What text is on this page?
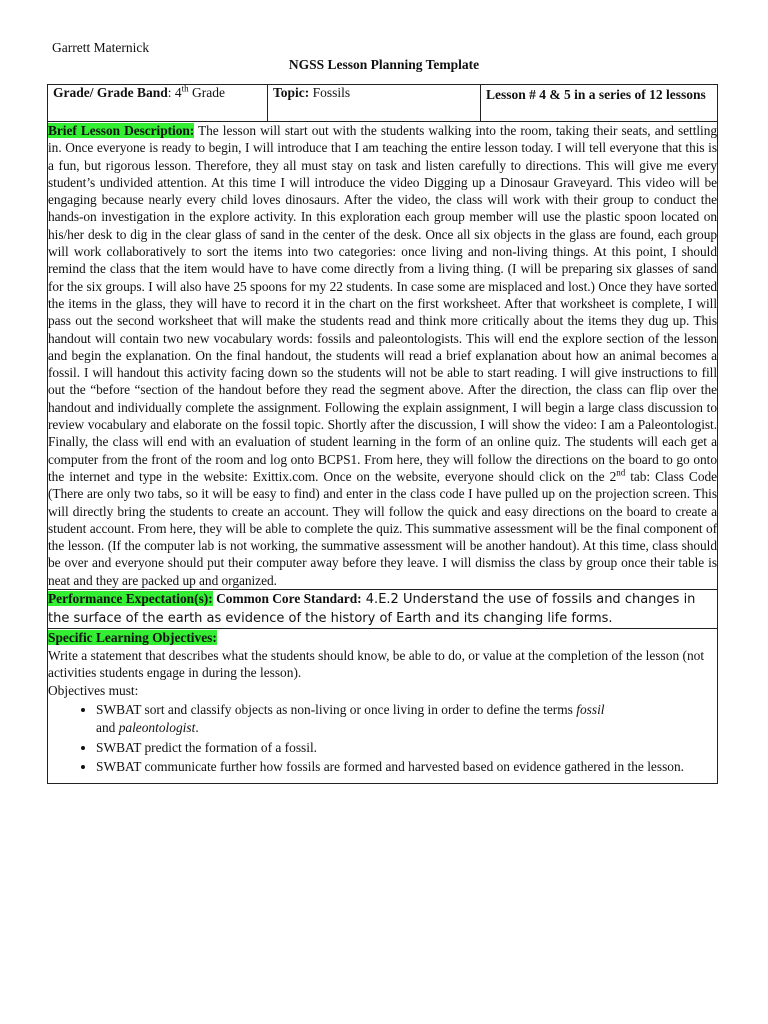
Garrett Maternick
NGSS Lesson Planning Template
Grade/ Grade Band: 4th Grade	Topic: Fossils	Lesson # 4 & 5 in a series of 12 lessons
Brief Lesson Description: The lesson will start out with the students walking into the room, taking their seats, and settling in. Once everyone is ready to begin, I will introduce that I am teaching the entire lesson today. I will tell everyone that this is a fun, but rigorous lesson. Therefore, they all must stay on task and listen carefully to directions. This will give me every student’s undivided attention. At this time I will introduce the video Digging up a Dinosaur Graveyard. This video will be engaging because nearly every child loves dinosaurs. After the video, the class will work with their group to conduct the hands-on investigation in the explore activity. In this exploration each group member will use the plastic spoon located on his/her desk to dig in the clear glass of sand in the center of the desk. Once all six objects in the glass are found, each group will work collaboratively to sort the items into two categories: once living and non-living things. At this point, I should remind the class that the item would have to have come directly from a living thing. (I will be preparing six glasses of sand for the six groups. I will also have 25 spoons for my 22 students. In case some are misplaced and lost.) Once they have sorted the items in the glass, they will have to record it in the chart on the first worksheet. After that worksheet is complete, I will pass out the second worksheet that will make the students read and think more critically about the items they dug up. This handout will contain two new vocabulary words: fossils and paleontologists. This will end the explore section of the lesson and begin the explanation. On the final handout, the students will read a brief explanation about how an animal becomes a fossil. I will handout this activity facing down so the students will not be able to start reading. I will give instructions to fill out the “before “section of the handout before they read the segment above. After the direction, the class can flip over the handout and individually complete the assignment. Following the explain assignment, I will begin a large class discussion to review vocabulary and elaborate on the fossil topic. Shortly after the discussion, I will show the video: I am a Paleontologist. Finally, the class will end with an evaluation of student learning in the form of an online quiz. The students will each get a computer from the front of the room and log onto BCPS1. From here, they will follow the directions on the board to go onto the internet and type in the website: Exittix.com. Once on the website, everyone should click on the 2nd tab: Class Code (There are only two tabs, so it will be easy to find) and enter in the class code I have pulled up on the projection screen. This will directly bring the students to create an account. They will follow the quick and easy directions on the board to create a student account. From here, they will be able to complete the quiz. This summative assessment will be the final component of the lesson. (If the computer lab is not working, the summative assessment will be another handout). At this time, class should be over and everyone should put their computer away before they leave. I will dismiss the class by group once their table is neat and they are packed up and organized.
Performance Expectation(s): Common Core Standard: 4.E.2 Understand the use of fossils and changes in the surface of the earth as evidence of the history of Earth and its changing life forms.

Specific Learning Objectives:
Write a statement that describes what the students should know, be able to do, or value at the completion of the lesson (not activities students engage in during the lesson).
Objectives must:
• SWBAT sort and classify objects as non-living or once living in order to define the terms fossil
and paleontologist.
• SWBAT predict the formation of a fossil.
• SWBAT communicate further how fossils are formed and harvested based on evidence gathered in the lesson.
